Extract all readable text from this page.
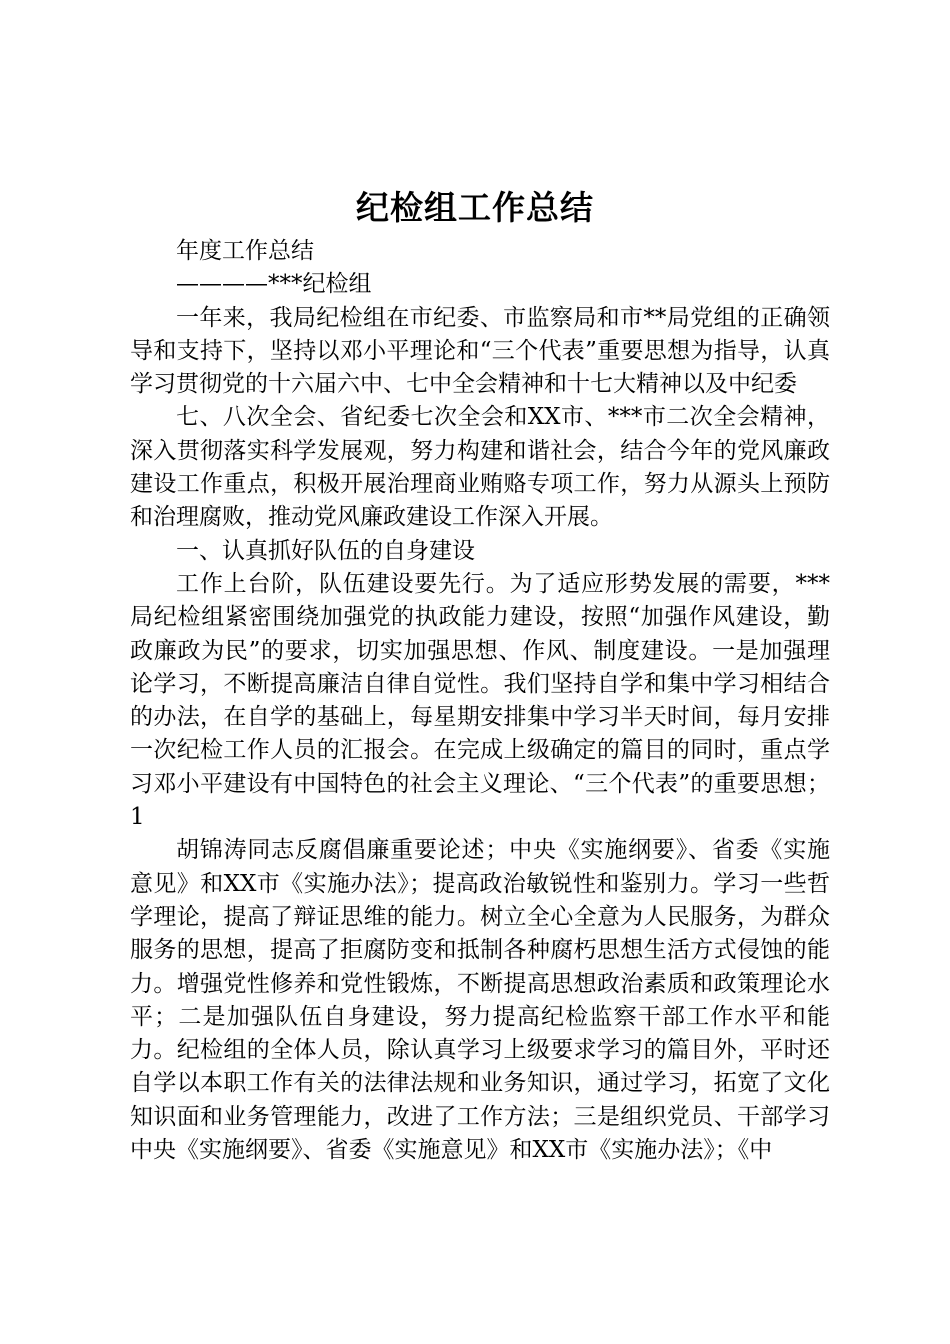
纪检组工作总结

年度工作总结

————***纪检组

一年来，我局纪检组在市纪委、市监察局和市**局党组的正确领导和支持下，坚持以邓小平理论和“三个代表”重要思想为指导，认真学习贯彻党的十六届六中、七中全会精神和十七大精神以及中纪委

七、八次全会、省纪委七次全会和XX市、***市二次全会精神，深入贯彻落实科学发展观，努力构建和谐社会，结合今年的党风廉政建设工作重点，积极开展治理商业贿赂专项工作，努力从源头上预防和治理腐败，推动党风廉政建设工作深入开展。

一、认真抓好队伍的自身建设

工作上台阶，队伍建设要先行。为了适应形势发展的需要，***局纪检组紧密围绕加强党的执政能力建设，按照“加强作风建设，勤政廉政为民”的要求，切实加强思想、作风、制度建设。一是加强理论学习，不断提高廉洁自律自觉性。我们坚持自学和集中学习相结合的办法，在自学的基础上，每星期安排集中学习半天时间，每月安排一次纪检工作人员的汇报会。在完成上级确定的篇目的同时，重点学习邓小平建设有中国特色的社会主义理论、“三个代表”的重要思想；1

胡锦涛同志反腐倡廉重要论述；中央《实施纲要》、省委《实施意见》和XX市《实施办法》；提高政治敏锐性和鉴别力。学习一些哲学理论，提高了辩证思维的能力。树立全心全意为人民服务，为群众服务的思想，提高了拒腐防变和抵制各种腐朽思想生活方式侵蚀的能力。增强党性修养和党性锻炼，不断提高思想政治素质和政策理论水平；二是加强队伍自身建设，努力提高纪检监察干部工作水平和能力。纪检组的全体人员，除认真学习上级要求学习的篇目外，平时还自学以本职工作有关的法律法规和业务知识，通过学习，拓宽了文化知识面和业务管理能力，改进了工作方法；三是组织党员、干部学习中央《实施纲要》、省委《实施意见》和XX市《实施办法》；《中
